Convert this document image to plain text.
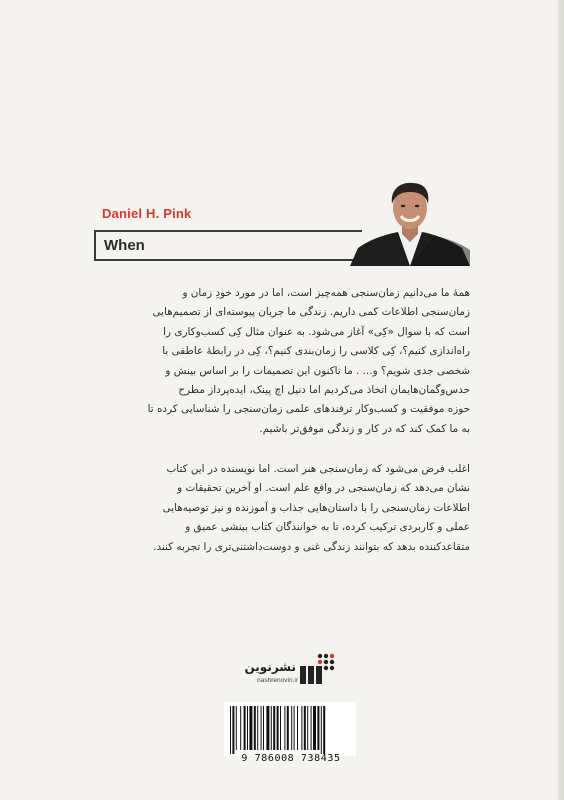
Daniel H. Pink
When
همهٔ ما می‌دانیم زمان‌سنجی همه‌چیز است، اما در مورد خودِ زمان و
زمان‌سنجی اطلاعات کمی داریم. زندگی ما جریان پیوسته‌ای از تصمیم‌هایی
است که با سوال «کِی» آغاز می‌شود. به عنوان مثال کِی کسب‌وکاری را
راه‌اندازی کنیم؟، کِی کلاسی را زمان‌بندی کنیم؟، کِی در رابطهٔ عاطفی با
شخصی جدی شویم؟ و... . ما تاکنون این تصمیمات را بر اساس بینش و
حدس‌وگمان‌هایمان اتخاذ می‌کردیم اما دنیل اچ پینک، ایده‌پرداز مطرح
حوزه موفقیت و کسب‌وکار ترفندهای علمی زمان‌سنجی را شناسایی کرده تا
به ما کمک کند که در کار و زندگی موفق‌تر باشیم.
اغلب فرض می‌شود که زمان‌سنجی هنر است. اما نویسنده در این کتاب
نشان می‌دهد که زمان‌سنجی در واقع علم است. او آخرین تحقیقات و
اطلاعات زمان‌سنجی را با داستان‌هایی جذاب و آموزنده و نیز توصیه‌هایی
عملی و کاربردی ترکیب کرده، تا به خوانندگان کتاب بینشی عمیق و
متقاعدکننده بدهد که بتوانند زندگی غنی و دوست‌داشتنی‌تری را تجربه کنند.
نشرنوین
nashrenovin.ir
9 786008 738435
